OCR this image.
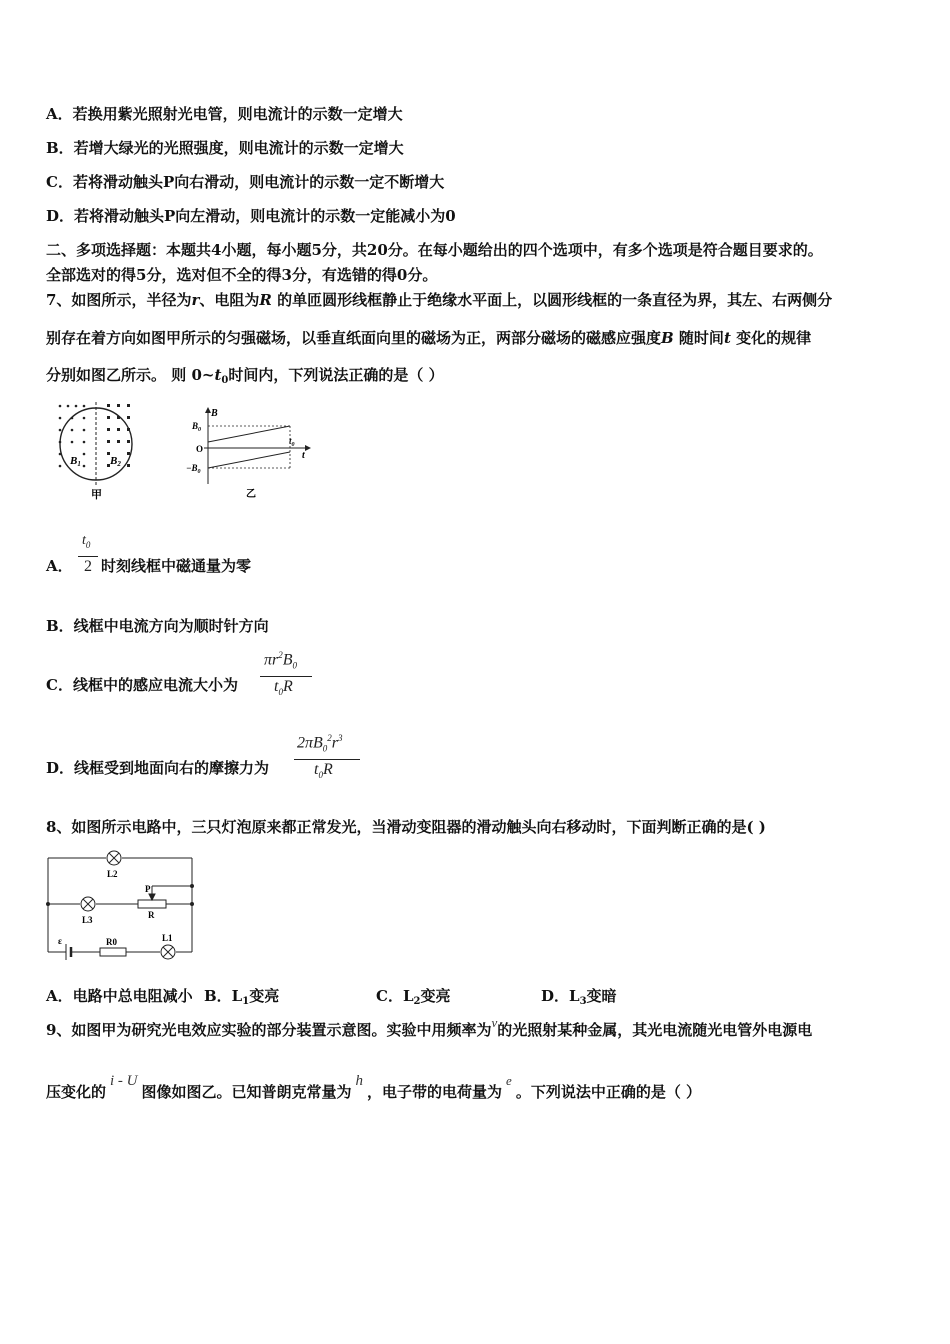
A．若换用紫光照射光电管，则电流计的示数一定增大
B．若增大绿光的光照强度，则电流计的示数一定增大
C．若将滑动触头P向右滑动，则电流计的示数一定不断增大
D．若将滑动触头P向左滑动，则电流计的示数一定能减小为0
二、多项选择题：本题共4小题，每小题5分，共20分。在每小题给出的四个选项中，有多个选项是符合题目要求的。
全部选对的得5分，选对但不全的得3分，有选错的得0分。
7、如图所示，半径为r、电阻为R 的单匝圆形线框静止于绝缘水平面上，以圆形线框的一条直径为界，其左、右两侧分
别存在着方向如图甲所示的匀强磁场，以垂直纸面向里的磁场为正，两部分磁场的磁感应强度B 随时间t 变化的规律
分别如图乙所示。 则 $0\sim t_0$时间内，下列说法正确的是（ ）
B1	B2
甲
B
t
O
$B_0$
$-B_0$
$t_0$
乙
A．
$t_0$
2 时刻线框中磁通量为零
B．线框中电流方向为顺时针方向
C．线框中的感应电流大小为
$\pi r^2B_0$
$t_0R$
D．线框受到地面向右的摩擦力为
$2\pi B_0^2r^3$
$t_0R$
8、如图所示电路中，三只灯泡原来都正常发光，当滑动变阻器的滑动触头向右移动时，下面判断正确的是( )
L2
L3
P
R
R0	L1
ε
A．电路中总电阻减小 B．$L_1$变亮	C．$L_2$变亮	D．$L_3$变暗
9、如图甲为研究光电效应实验的部分装置示意图。实验中用频率为ν的光照射某种金属，其光电流随光电管外电源电
压变化的i - U图像如图乙。已知普朗克常量为h，电子带的电荷量为e。下列说法中正确的是（ ）
